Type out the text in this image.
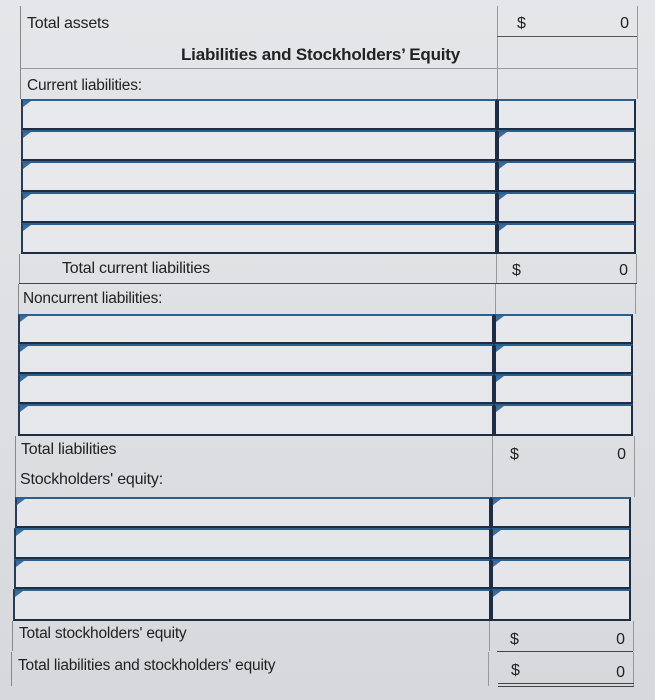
Total assets	$	0
Liabilities and Stockholders’ Equity
Current liabilities:
Total current liabilities	$	0
Noncurrent liabilities:
Total liabilities	$	0
Stockholders' equity:
Total stockholders' equity	$	0
Total liabilities and stockholders' equity	$	0
